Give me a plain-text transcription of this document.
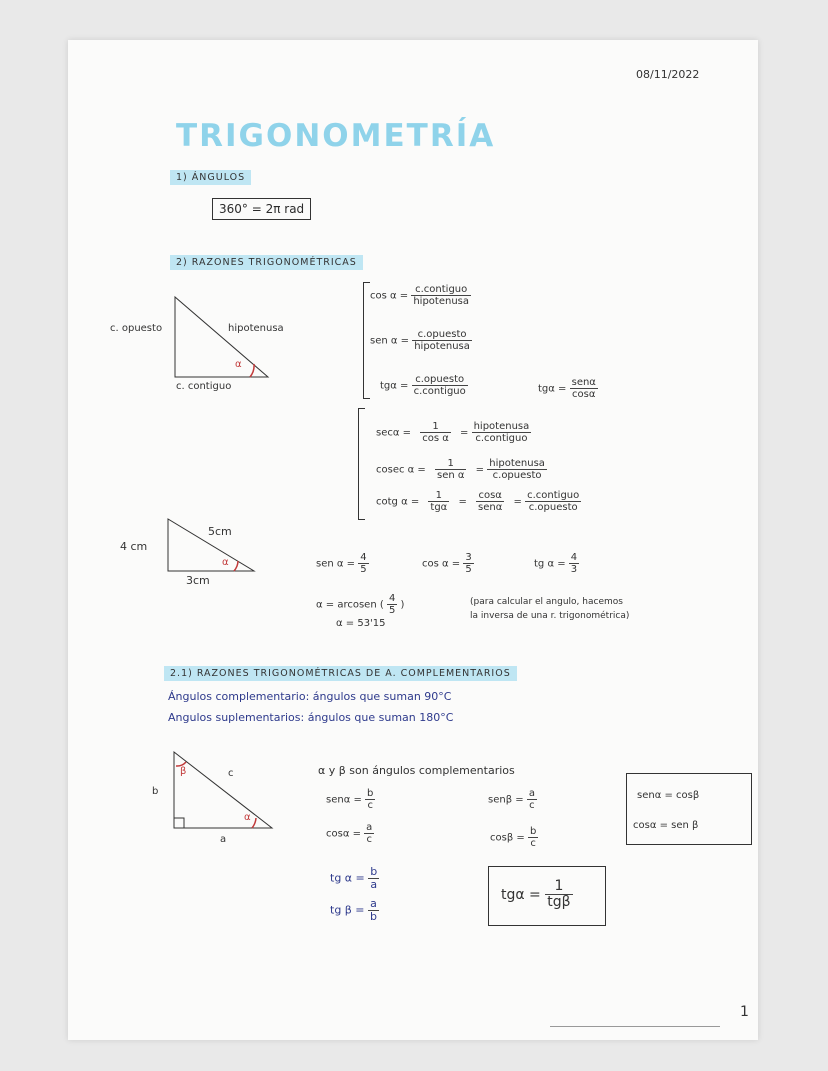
08/11/2022
TRIGONOMETRÍA
1) ÁNGULOS
360° = 2π rad
2) RAZONES TRIGONOMÉTRICAS
c. opuesto	hipotenusa
c. contiguo
α
$\cos \alpha = \frac{\text{c.contiguo}}{\text{hipotenusa}}$
sen $\alpha = \frac{\text{c.opuesto}}{\text{hipotenusa}}$
$tg\alpha = \frac{\text{c.opuesto}}{\text{c.contiguo}}$	$tg\alpha = \frac{\text{senα}}{\cos\alpha}$
$\sec\alpha = \frac{1}{\text{cos α}} = \frac{\text{hipotenusa}}{\text{c.contiguo}}$
cosec $\alpha = \frac{1}{\text{sen α}} = \frac{\text{hipotenusa}}{\text{c.opuesto}}$
cotg $\alpha = \frac{1}{\text{tgα}} = \frac{\cos\alpha}{\text{senα}} = \frac{\text{c.contiguo}}{\text{c.opuesto}}$
5cm
4 cm
3cm
α	sen $\alpha = \frac{4}{5}$	$\cos \alpha = \frac{3}{5}$	tg $\alpha = \frac{4}{3}$
α = arcosen ( $\frac{4}{5}$ )	(para calcular el angulo, hacemos
la inversa de una r. trigonométrica)
α = 53'15
2.1) RAZONES TRIGONOMÉTRICAS DE A. COMPLEMENTARIOS
Ángulos complementario: ángulos que suman 90°C
Angulos suplementarios: ángulos que suman 180°C
β	c
b
a
α
α y β son ángulos complementarios
$sen\alpha = \frac{b}{c}$	$sen\beta = \frac{a}{c}$
$\cos\alpha = \frac{a}{c}$	$\cos\beta = \frac{b}{c}$
tg $\alpha = \frac{b}{a}$
tg $\beta = \frac{a}{b}$
senα = cosβ
cosα = sen β
$tg\alpha = \frac{1}{\text{tgβ}}$
1
